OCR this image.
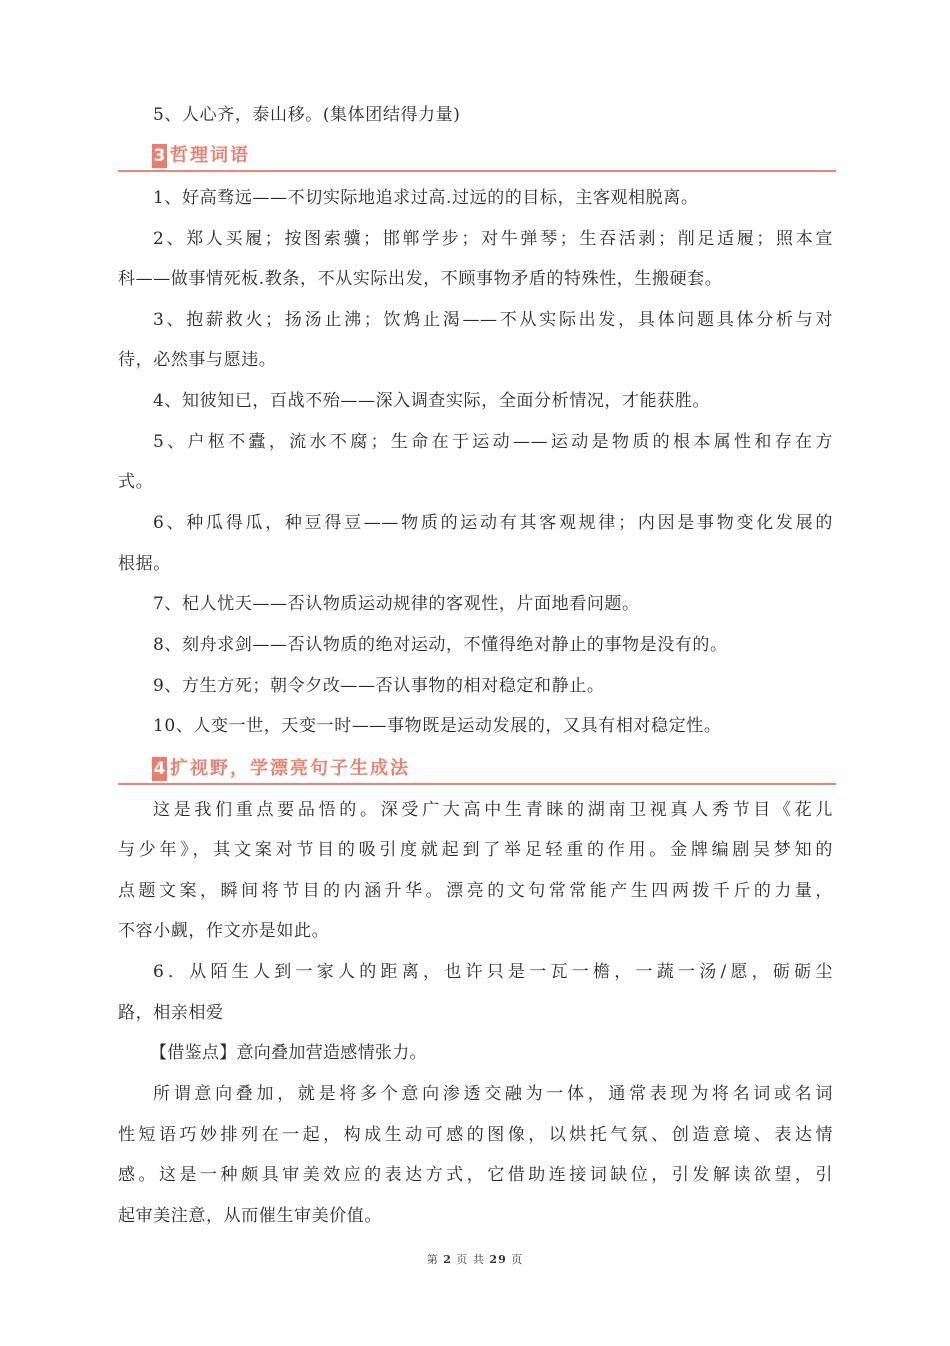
5、人心齐，泰山移。(集体团结得力量)
3 哲理词语
1、好高骛远——不切实际地追求过高.过远的的目标，主客观相脱离。
2、郑人买履；按图索骥；邯郸学步；对牛弹琴；生吞活剥；削足适履；照本宣
科——做事情死板.教条，不从实际出发，不顾事物矛盾的特殊性，生搬硬套。
3、抱薪救火；扬汤止沸；饮鸩止渴——不从实际出发，具体问题具体分析与对
待，必然事与愿违。
4、知彼知已，百战不殆——深入调查实际，全面分析情况，才能获胜。
5、户枢不蠹，流水不腐；生命在于运动——运动是物质的根本属性和存在方
式。
6、种瓜得瓜，种豆得豆——物质的运动有其客观规律；内因是事物变化发展的
根据。
7、杞人忧天——否认物质运动规律的客观性，片面地看问题。
8、刻舟求剑——否认物质的绝对运动，不懂得绝对静止的事物是没有的。
9、方生方死；朝令夕改——否认事物的相对稳定和静止。
10、人变一世，天变一时——事物既是运动发展的，又具有相对稳定性。
4 扩视野，学漂亮句子生成法
这是我们重点要品悟的。深受广大高中生青睐的湖南卫视真人秀节目《花儿
与少年》，其文案对节目的吸引度就起到了举足轻重的作用。金牌编剧吴梦知的
点题文案，瞬间将节目的内涵升华。漂亮的文句常常能产生四两拨千斤的力量，
不容小觑，作文亦是如此。
6．从陌生人到一家人的距离，也许只是一瓦一檐，一蔬一汤/愿，砺砺尘
路，相亲相爱
【借鉴点】意向叠加营造感情张力。
所谓意向叠加，就是将多个意向渗透交融为一体，通常表现为将名词或名词
性短语巧妙排列在一起，构成生动可感的图像，以烘托气氛、创造意境、表达情
感。这是一种颇具审美效应的表达方式，它借助连接词缺位，引发解读欲望，引
起审美注意，从而催生审美价值。
第 2 页 共 29 页
